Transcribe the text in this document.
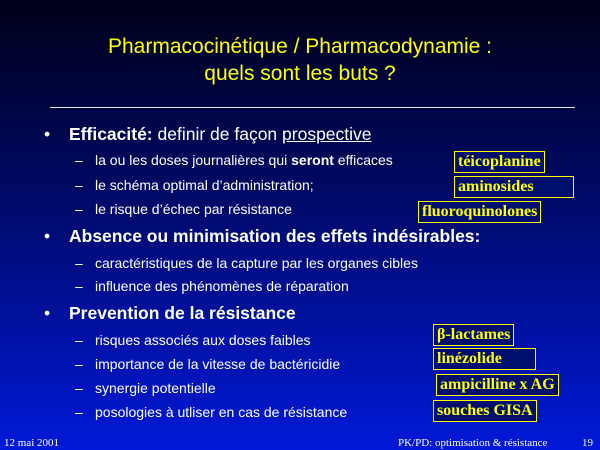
Pharmacocinétique / Pharmacodynamie :
quels sont les buts ?
• Efficacité: definir de façon prospective
– la ou les doses journalières qui seront efficaces
– le schéma optimal d’administration;
– le risque d’échec par résistance
• Absence ou minimisation des effets indésirables:
– caractéristiques de la capture par les organes cibles
– influence des phénomènes de réparation
• Prevention de la résistance
– risques associés aux doses faibles
– importance de la vitesse de bactéricidie
– synergie potentielle
– posologies à utliser en cas de résistance
téicoplanine
aminosides
fluoroquinolones
β-lactames
linézolide
ampicilline x AG
souches GISA
12 mai 2001	PK/PD: optimisation & résistance	19
